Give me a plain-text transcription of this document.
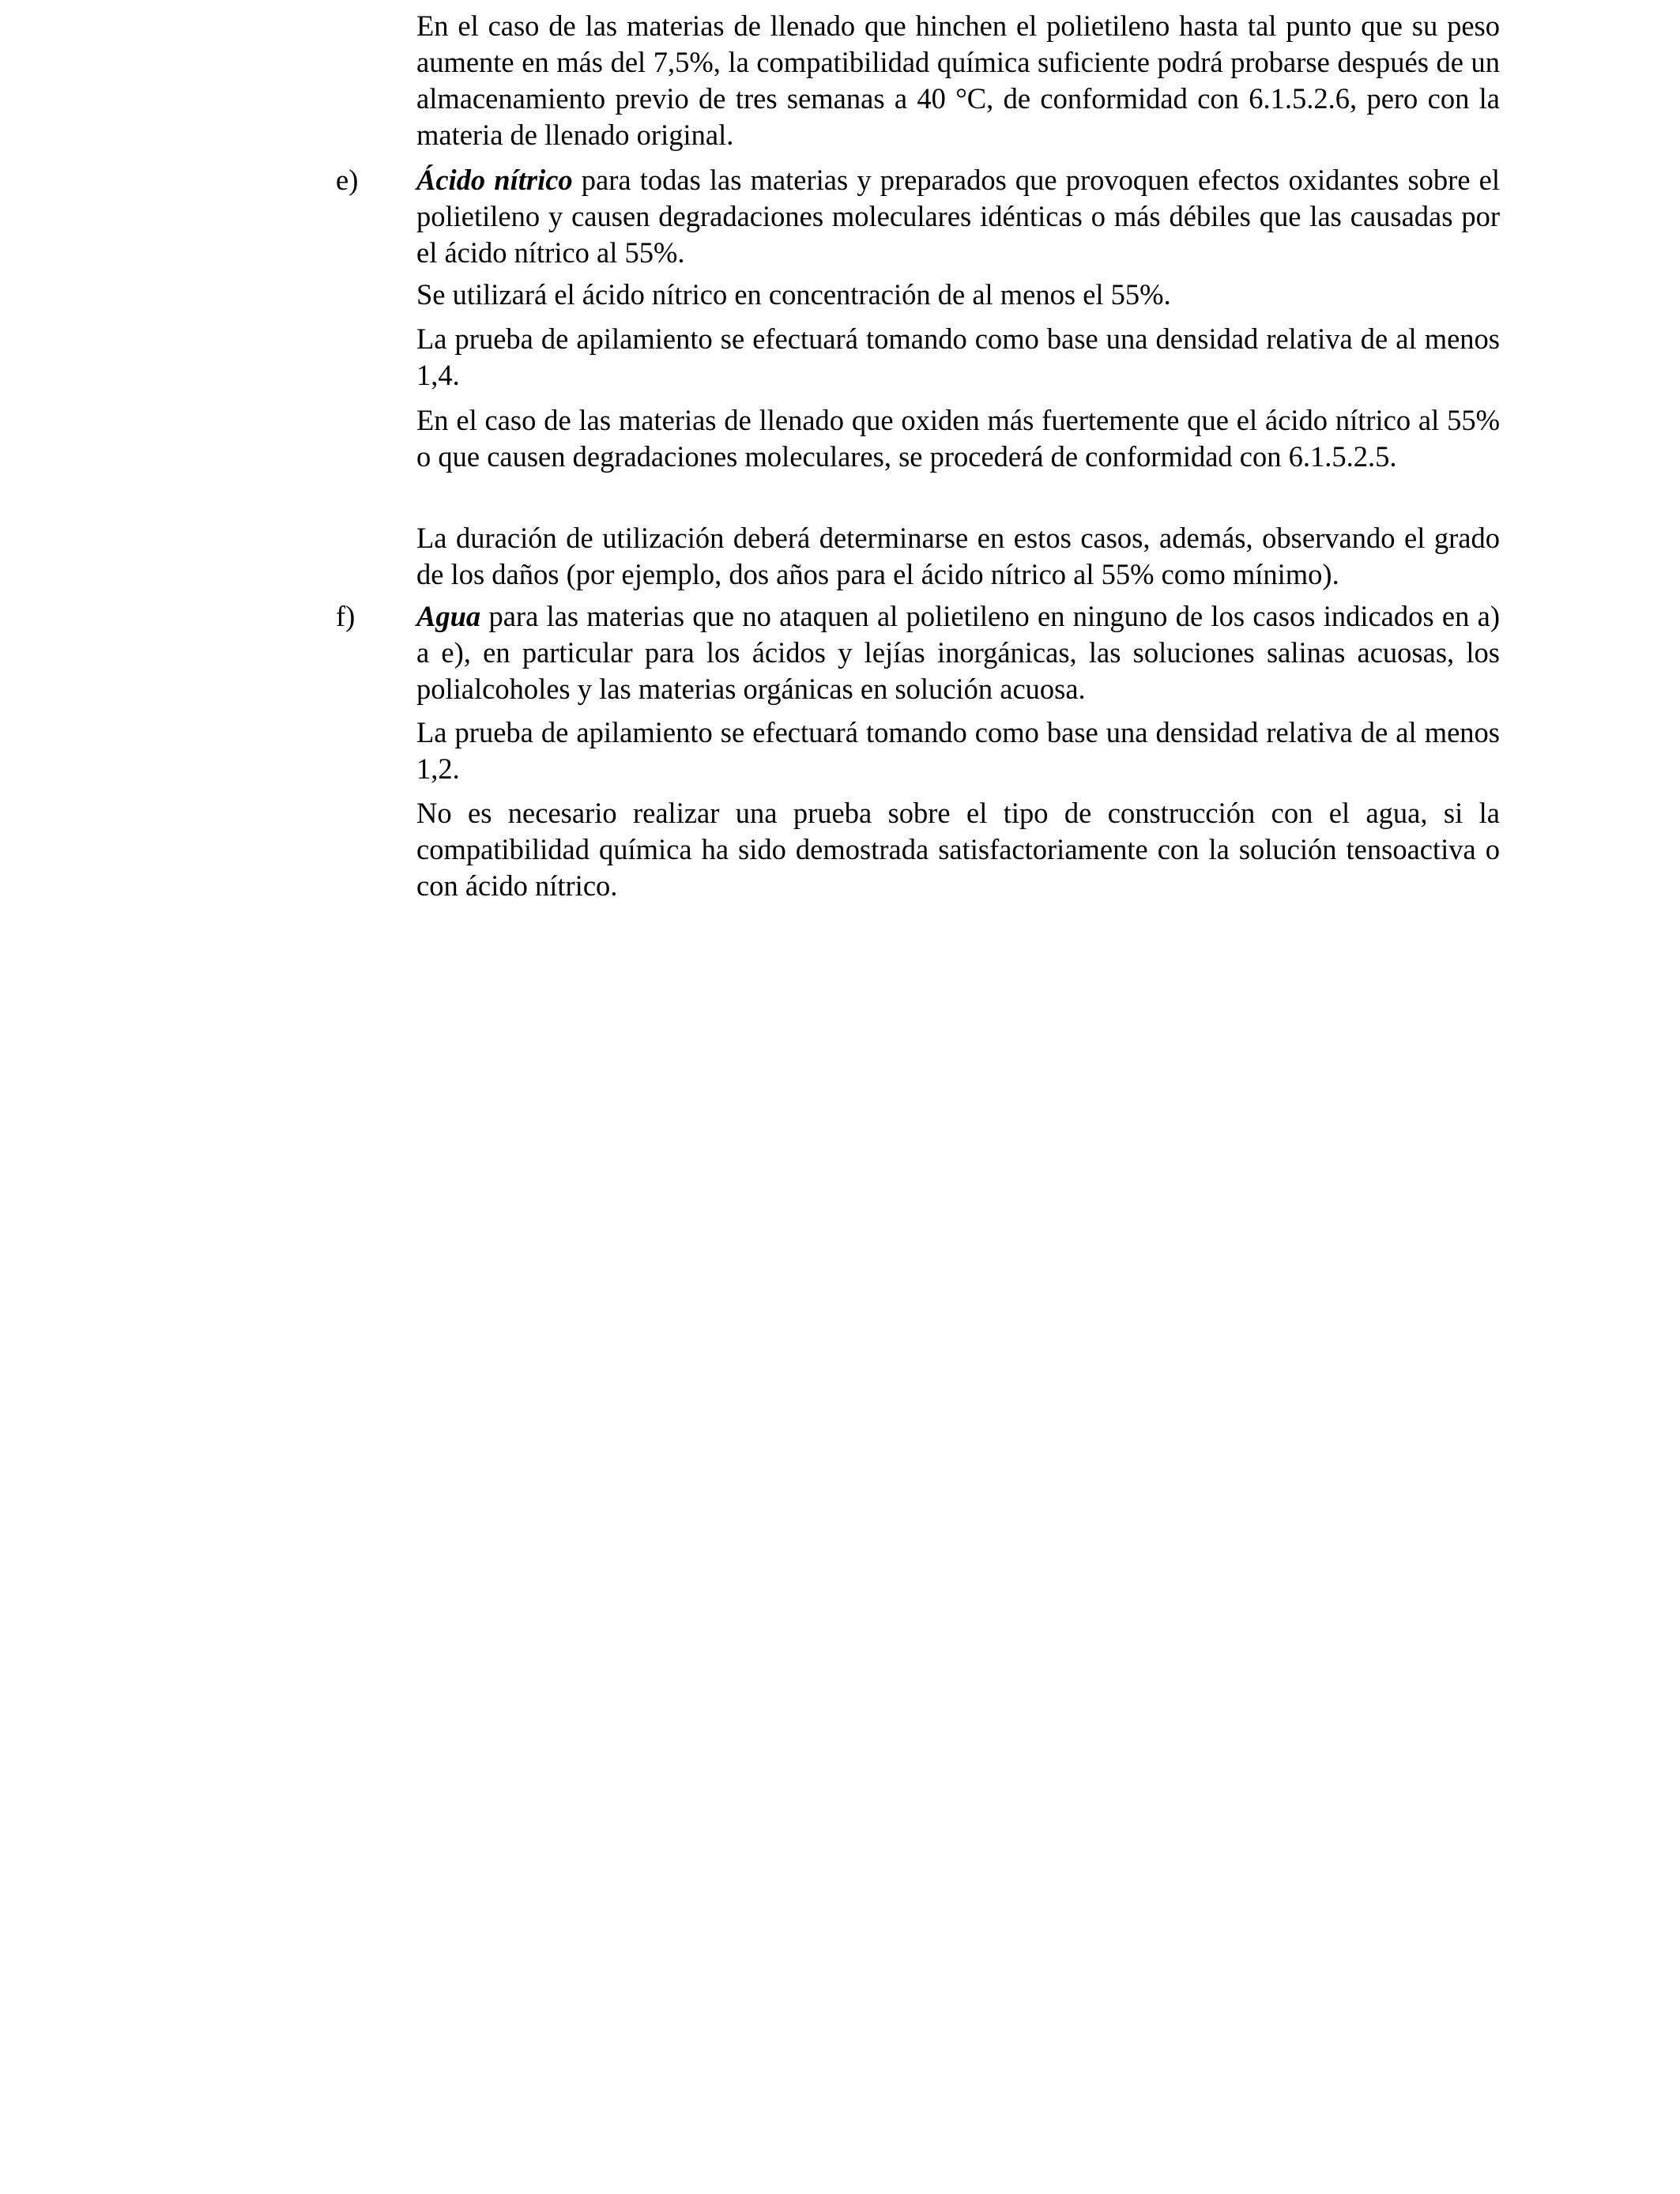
En el caso de las materias de llenado que hinchen el polietileno hasta tal punto que su peso aumente en más del 7,5%, la compatibilidad química suficiente podrá probarse después de un almacenamiento previo de tres semanas a 40 °C, de conformidad con 6.1.5.2.6, pero con la materia de llenado original.

e) Ácido nítrico para todas las materias y preparados que provoquen efectos oxidantes sobre el polietileno y causen degradaciones moleculares idénticas o más débiles que las causadas por el ácido nítrico al 55%.

Se utilizará el ácido nítrico en concentración de al menos el 55%.

La prueba de apilamiento se efectuará tomando como base una densidad relativa de al menos 1,4.

En el caso de las materias de llenado que oxiden más fuertemente que el ácido nítrico al 55% o que causen degradaciones moleculares, se procederá de conformidad con 6.1.5.2.5.

La duración de utilización deberá determinarse en estos casos, además, observando el grado de los daños (por ejemplo, dos años para el ácido nítrico al 55% como mínimo).

f) Agua para las materias que no ataquen al polietileno en ninguno de los casos indicados en a) a e), en particular para los ácidos y lejías inorgánicas, las soluciones salinas acuosas, los polialcoholes y las materias orgánicas en solución acuosa.

La prueba de apilamiento se efectuará tomando como base una densidad relativa de al menos 1,2.

No es necesario realizar una prueba sobre el tipo de construcción con el agua, si la compatibilidad química ha sido demostrada satisfactoriamente con la solución tensoactiva o con ácido nítrico.
